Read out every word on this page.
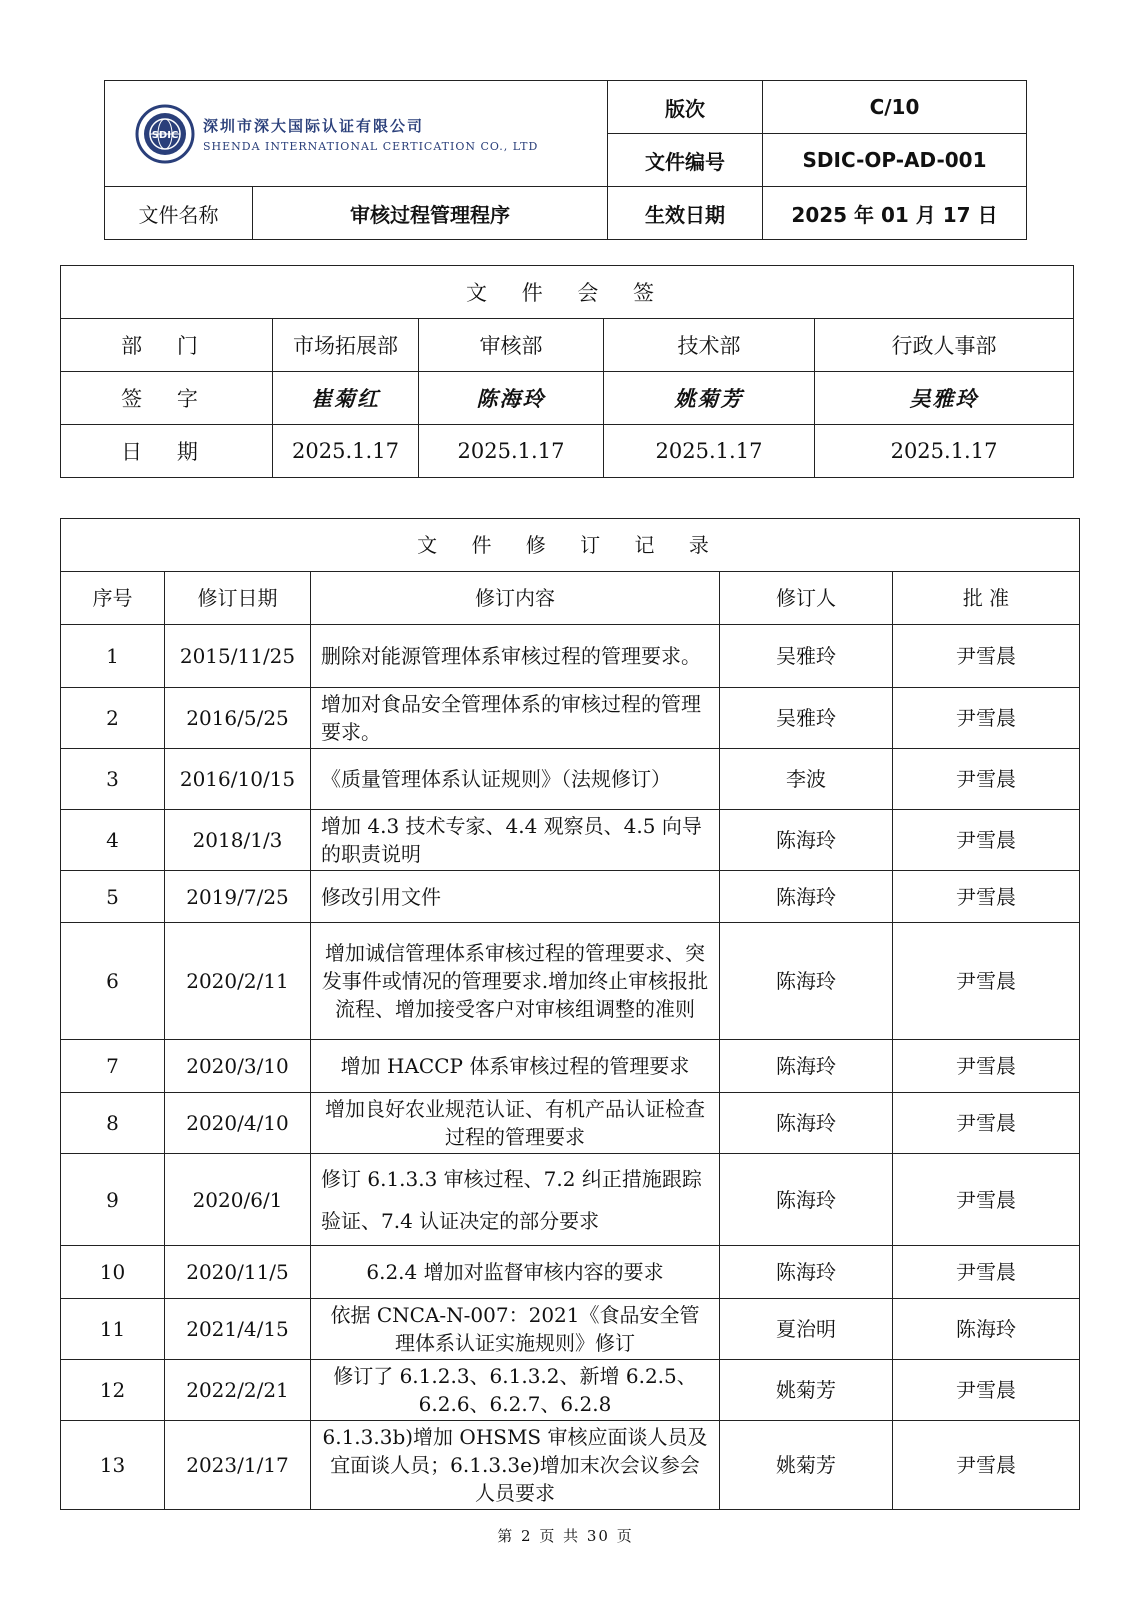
SDIC
深圳市深大国际认证有限公司
SHENDA INTERNATIONAL CERTICATION CO., LTD		版次	C/10
		文件编号	SDIC-OP-AD-001
文件名称	审核过程管理程序	生效日期	2025 年 01 月 17 日
文 件 会 签				
部 门	市场拓展部	审核部	技术部	行政人事部
签 字	崔菊红	陈海玲	姚菊芳	吴雅玲
日 期	2025.1.17	2025.1.17	2025.1.17	2025.1.17
文 件 修 订 记 录				
序号	修订日期	修订内容	修订人	批 准
1	2015/11/25	删除对能源管理体系审核过程的管理要求。	吴雅玲	尹雪晨
2	2016/5/25	增加对食品安全管理体系的审核过程的管理要求。	吴雅玲	尹雪晨
3	2016/10/15	《质量管理体系认证规则》（法规修订）	李波	尹雪晨
4	2018/1/3	增加 4.3 技术专家、4.4 观察员、4.5 向导的职责说明	陈海玲	尹雪晨
5	2019/7/25	修改引用文件	陈海玲	尹雪晨
6	2020/2/11	增加诚信管理体系审核过程的管理要求、突发事件或情况的管理要求.增加终止审核报批流程、增加接受客户对审核组调整的准则	陈海玲	尹雪晨
7	2020/3/10	增加 HACCP 体系审核过程的管理要求	陈海玲	尹雪晨
8	2020/4/10	增加良好农业规范认证、有机产品认证检查过程的管理要求	陈海玲	尹雪晨
9	2020/6/1	修订 6.1.3.3 审核过程、7.2 纠正措施跟踪验证、7.4 认证决定的部分要求	陈海玲	尹雪晨
10	2020/11/5	6.2.4 增加对监督审核内容的要求	陈海玲	尹雪晨
11	2021/4/15	依据 CNCA-N-007：2021《食品安全管理体系认证实施规则》修订	夏治明	陈海玲
12	2022/2/21	修订了 6.1.2.3、6.1.3.2、新增 6.2.5、6.2.6、6.2.7、6.2.8	姚菊芳	尹雪晨
13	2023/1/17	6.1.3.3b)增加 OHSMS 审核应面谈人员及宜面谈人员；6.1.3.3e)增加末次会议参会人员要求	姚菊芳	尹雪晨
第 2 页 共 30 页
